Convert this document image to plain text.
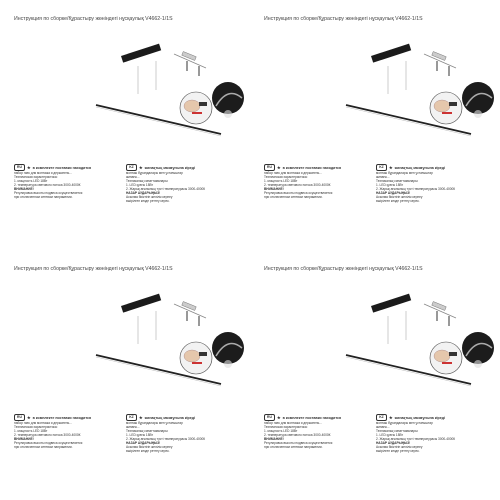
Инструкция по сборке/Құрастыру жөніндегі нұсқаулық V4662-1/1S
RU	★ в комплекте поставки находится
набор гаек для монтажа и держатель...
Техническая характеристика:
1. мощность LED 18Вт
2. температура светового потока 3000-4000К
ВНИМАНИЕ!
Регулировка высоты подвеса осуществляется
при отключенном сетевом напряжении.
KZ	★ жинақтың мазмұнына кіреді
монтаж бұрандалары мен ұстағыштар
жинағы...
Техникалық сипаттамалары:
1. LED қуаты 18Вт
2. Жарық ағынының түсті температурасы 3000-4000К
НАЗАР АУДАРЫҢЫЗ!
Асылма биіктігін желілік кернеу
өшірілген кезде реттеу керек.
Инструкция по сборке/Құрастыру жөніндегі нұсқаулық V4662-1/1S
RU	★ в комплекте поставки находится
набор гаек для монтажа и держатель...
Техническая характеристика:
1. мощность LED 18Вт
2. температура светового потока 3000-4000К
ВНИМАНИЕ!
Регулировка высоты подвеса осуществляется
при отключенном сетевом напряжении.
KZ	★ жинақтың мазмұнына кіреді
монтаж бұрандалары мен ұстағыштар
жинағы...
Техникалық сипаттамалары:
1. LED қуаты 18Вт
2. Жарық ағынының түсті температурасы 3000-4000К
НАЗАР АУДАРЫҢЫЗ!
Асылма биіктігін желілік кернеу
өшірілген кезде реттеу керек.
Инструкция по сборке/Құрастыру жөніндегі нұсқаулық V4662-1/1S
RU	★ в комплекте поставки находится
набор гаек для монтажа и держатель...
Техническая характеристика:
1. мощность LED 18Вт
2. температура светового потока 3000-4000К
ВНИМАНИЕ!
Регулировка высоты подвеса осуществляется
при отключенном сетевом напряжении.
KZ	★ жинақтың мазмұнына кіреді
монтаж бұрандалары мен ұстағыштар
жинағы...
Техникалық сипаттамалары:
1. LED қуаты 18Вт
2. Жарық ағынының түсті температурасы 3000-4000К
НАЗАР АУДАРЫҢЫЗ!
Асылма биіктігін желілік кернеу
өшірілген кезде реттеу керек.
Инструкция по сборке/Құрастыру жөніндегі нұсқаулық V4662-1/1S
RU	★ в комплекте поставки находится
набор гаек для монтажа и держатель...
Техническая характеристика:
1. мощность LED 18Вт
2. температура светового потока 3000-4000К
ВНИМАНИЕ!
Регулировка высоты подвеса осуществляется
при отключенном сетевом напряжении.
KZ	★ жинақтың мазмұнына кіреді
монтаж бұрандалары мен ұстағыштар
жинағы...
Техникалық сипаттамалары:
1. LED қуаты 18Вт
2. Жарық ағынының түсті температурасы 3000-4000К
НАЗАР АУДАРЫҢЫЗ!
Асылма биіктігін желілік кернеу
өшірілген кезде реттеу керек.
